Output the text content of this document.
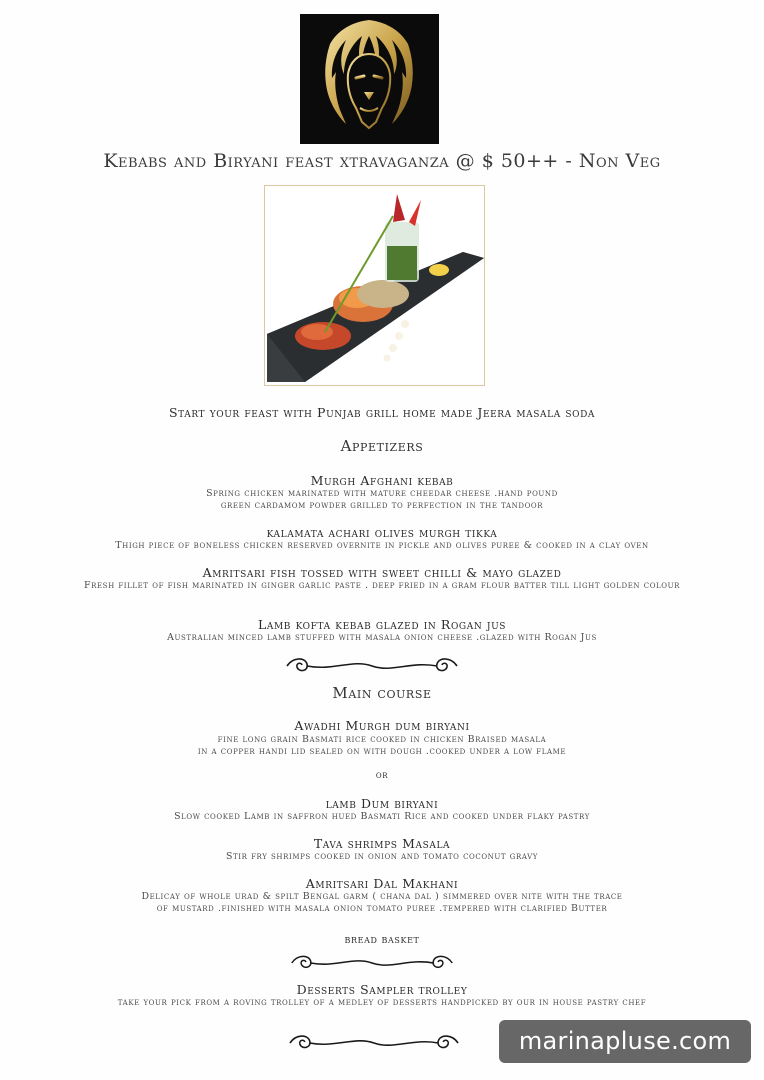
Kebabs and Biryani feast xtravaganza @ $ 50++ - Non Veg
Start your feast with Punjab grill home made Jeera masala soda
Appetizers
Murgh Afghani kebab
Spring chicken marinated with mature cheedar cheese .hand pound
green cardamom powder grilled to perfection in the tandoor
kalamata achari olives murgh tikka
Thigh piece of boneless chicken reserved overnite in pickle and olives puree & cooked in a clay oven
Amritsari fish tossed with sweet chilli & mayo glazed
Fresh fillet of fish marinated in ginger garlic paste . deep fried in a gram flour batter till light golden colour
Lamb kofta kebab glazed in Rogan jus
Australian minced lamb stuffed with masala onion cheese .glazed with Rogan Jus
Main course
Awadhi Murgh dum biryani
fine long grain Basmati rice cooked in chicken Braised masala
in a copper handi lid sealed on with dough .cooked under a low flame
or
lamb Dum biryani
Slow cooked Lamb in saffron hued Basmati Rice and cooked under flaky pastry
Tava shrimps Masala
Stir fry shrimps cooked in onion and tomato coconut gravy
Amritsari Dal Makhani
Delicay of whole urad & spilt Bengal garm ( chana dal ) simmered over nite with the trace
of mustard .finished with masala onion tomato puree .tempered with clarified Butter
bread basket
Desserts Sampler trolley
take your pick from a roving trolley of a medley of desserts handpicked by our in house pastry chef
marinapluse.com
